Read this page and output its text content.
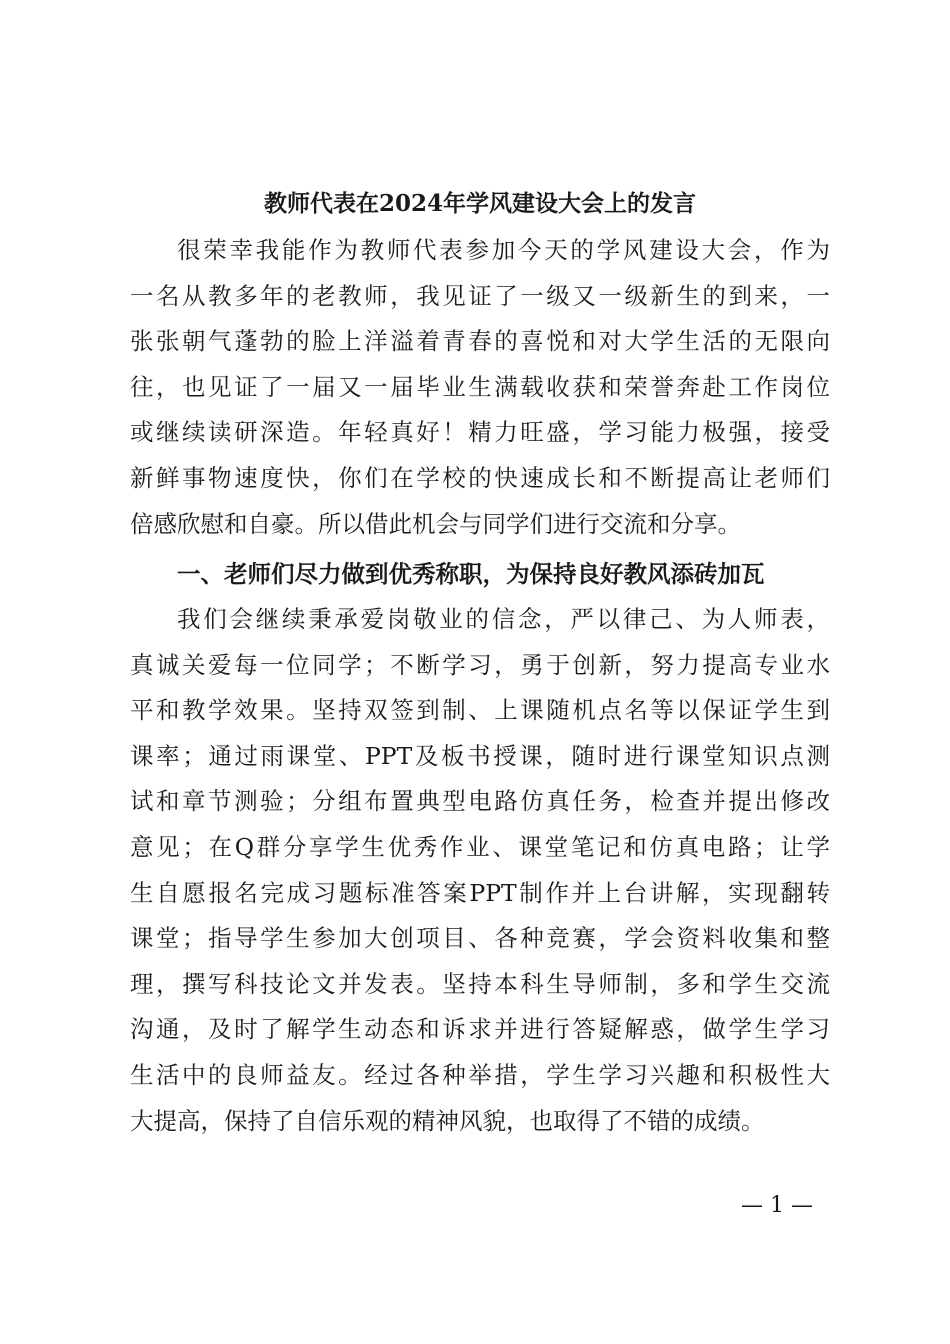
教师代表在2024年学风建设大会上的发言
很荣幸我能作为教师代表参加今天的学风建设大会，作为
一名从教多年的老教师，我见证了一级又一级新生的到来，一
张张朝气蓬勃的脸上洋溢着青春的喜悦和对大学生活的无限向
往，也见证了一届又一届毕业生满载收获和荣誉奔赴工作岗位
或继续读研深造。年轻真好！精力旺盛，学习能力极强，接受
新鲜事物速度快，你们在学校的快速成长和不断提高让老师们
倍感欣慰和自豪。所以借此机会与同学们进行交流和分享。
一、老师们尽力做到优秀称职，为保持良好教风添砖加瓦
我们会继续秉承爱岗敬业的信念，严以律己、为人师表，
真诚关爱每一位同学；不断学习，勇于创新，努力提高专业水
平和教学效果。坚持双签到制、上课随机点名等以保证学生到
课率；通过雨课堂、PPT及板书授课，随时进行课堂知识点测
试和章节测验；分组布置典型电路仿真任务，检查并提出修改
意见；在Q群分享学生优秀作业、课堂笔记和仿真电路；让学
生自愿报名完成习题标准答案PPT制作并上台讲解，实现翻转
课堂；指导学生参加大创项目、各种竞赛，学会资料收集和整
理，撰写科技论文并发表。坚持本科生导师制，多和学生交流
沟通，及时了解学生动态和诉求并进行答疑解惑，做学生学习
生活中的良师益友。经过各种举措，学生学习兴趣和积极性大
大提高，保持了自信乐观的精神风貌，也取得了不错的成绩。
— 1 —
